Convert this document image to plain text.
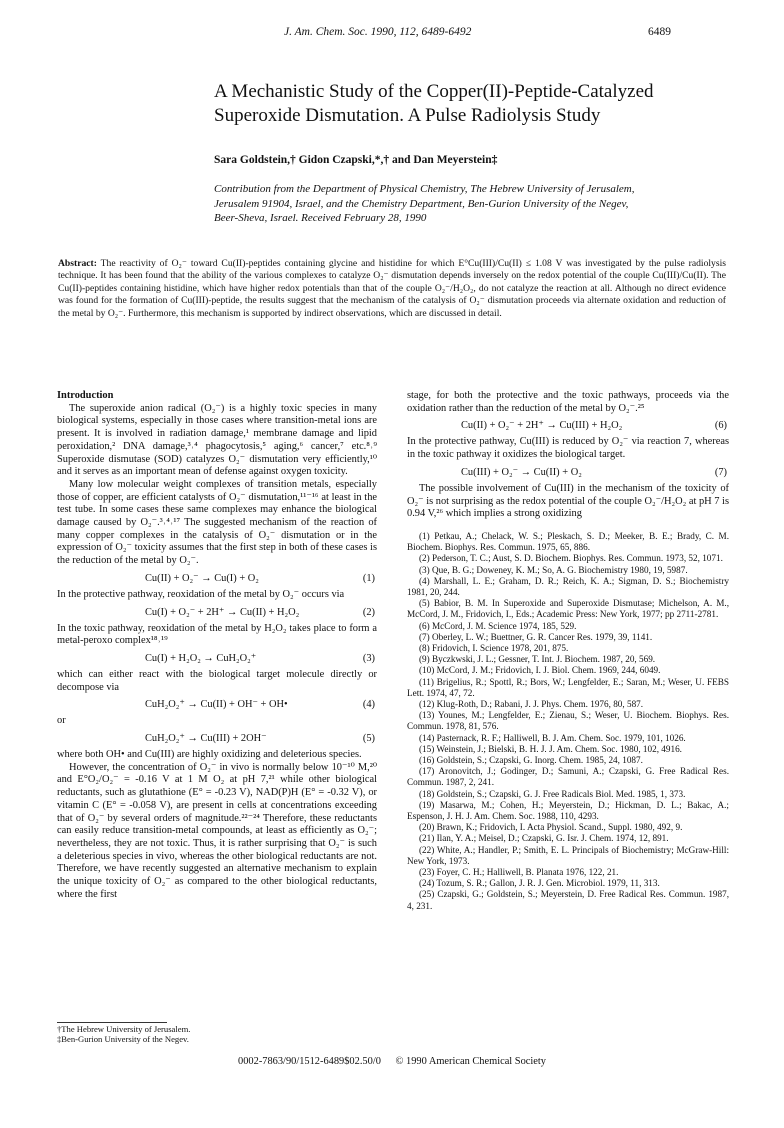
J. Am. Chem. Soc. 1990, 112, 6489-6492	6489
A Mechanistic Study of the Copper(II)-Peptide-Catalyzed
Superoxide Dismutation. A Pulse Radiolysis Study
Sara Goldstein,† Gidon Czapski,*,† and Dan Meyerstein‡
Contribution from the Department of Physical Chemistry, The Hebrew University of Jerusalem,
Jerusalem 91904, Israel, and the Chemistry Department, Ben-Gurion University of the Negev,
Beer-Sheva, Israel. Received February 28, 1990
Abstract: The reactivity of O₂⁻ toward Cu(II)-peptides containing glycine and histidine for which E°Cu(III)/Cu(II) ≤ 1.08 V was investigated by the pulse radiolysis technique. It has been found that the ability of the various complexes to catalyze O₂⁻ dismutation depends inversely on the redox potential of the couple Cu(III)/Cu(II). The Cu(II)-peptides containing histidine, which have higher redox potentials than that of the couple O₂⁻/H₂O₂, do not catalyze the reaction at all. Although no direct evidence was found for the formation of Cu(III)-peptide, the results suggest that the mechanism of the catalysis of O₂⁻ dismutation proceeds via alternate oxidation and reduction of the metal by O₂⁻. Furthermore, this mechanism is supported by indirect observations, which are discussed in detail.
Introduction

The superoxide anion radical (O₂⁻) is a highly toxic species in many biological systems, especially in those cases where transition-metal ions are present. It is involved in radiation damage,¹ membrane damage and lipid peroxidation,² DNA damage,³˒⁴ phagocytosis,⁵ aging,⁶ cancer,⁷ etc.⁸˒⁹ Superoxide dismutase (SOD) catalyzes O₂⁻ dismutation very efficiently,¹⁰ and it serves as an important mean of defense against oxygen toxicity.

Many low molecular weight complexes of transition metals, especially those of copper, are efficient catalysts of O₂⁻ dismutation,¹¹⁻¹⁶ at least in the test tube. In some cases these same complexes may enhance the biological damage caused by O₂⁻.³˒⁴˒¹⁷ The suggested mechanism of the reaction of many copper complexes in the catalysis of O₂⁻ dismutation or in the expression of O₂⁻ toxicity assumes that the first step in both of these cases is the reduction of the metal by O₂⁻.

Cu(II) + O₂⁻ → Cu(I) + O₂	(1)

In the protective pathway, reoxidation of the metal by O₂⁻ occurs via

Cu(I) + O₂⁻ + 2H⁺ → Cu(II) + H₂O₂	(2)

In the toxic pathway, reoxidation of the metal by H₂O₂ takes place to form a metal-peroxo complex¹⁸˒¹⁹

Cu(I) + H₂O₂ → CuH₂O₂⁺	(3)

which can either react with the biological target molecule directly or decompose via

CuH₂O₂⁺ → Cu(II) + OH⁻ + OH•	(4)

or

CuH₂O₂⁺ → Cu(III) + 2OH⁻	(5)

where both OH• and Cu(III) are highly oxidizing and deleterious species.

However, the concentration of O₂⁻ in vivo is normally below 10⁻¹⁰ M,²⁰ and E°O₂/O₂⁻ = -0.16 V at 1 M O₂ at pH 7,²¹ while other biological reductants, such as glutathione (E° = -0.23 V), NAD(P)H (E° = -0.32 V), or vitamin C (E° = -0.058 V), are present in cells at concentrations exceeding that of O₂⁻ by several orders of magnitude.²²⁻²⁴ Therefore, these reductants can easily reduce transition-metal compounds, at least as efficiently as O₂⁻; nevertheless, they are not toxic. Thus, it is rather surprising that O₂⁻ is such a deleterious species in vivo, whereas the other biological reductants are not. Therefore, we have recently suggested an alternative mechanism to explain the unique toxicity of O₂⁻ as compared to the other biological reductants, where the first

stage, for both the protective and the toxic pathways, proceeds via the oxidation rather than the reduction of the metal by O₂⁻.²⁵

Cu(II) + O₂⁻ + 2H⁺ → Cu(III) + H₂O₂	(6)

In the protective pathway, Cu(III) is reduced by O₂⁻ via reaction 7, whereas in the toxic pathway it oxidizes the biological target.

Cu(III) + O₂⁻ → Cu(II) + O₂	(7)

The possible involvement of Cu(III) in the mechanism of the toxicity of O₂⁻ is not surprising as the redox potential of the couple O₂⁻/H₂O₂ at pH 7 is 0.94 V,²⁶ which implies a strong oxidizing

(1) Petkau, A.; Chelack, W. S.; Pleskach, S. D.; Meeker, B. E.; Brady, C. M. Biochem. Biophys. Res. Commun. 1975, 65, 886.
(2) Pederson, T. C.; Aust, S. D. Biochem. Biophys. Res. Commun. 1973, 52, 1071.
(3) Que, B. G.; Doweney, K. M.; So, A. G. Biochemistry 1980, 19, 5987.
(4) Marshall, L. E.; Graham, D. R.; Reich, K. A.; Sigman, D. S.; Biochemistry 1981, 20, 244.
(5) Babior, B. M. In Superoxide and Superoxide Dismutase; Michelson, A. M., McCord, J. M., Fridovich, I., Eds.; Academic Press: New York, 1977; pp 2711-2781.
(6) McCord, J. M. Science 1974, 185, 529.
(7) Oberley, L. W.; Buettner, G. R. Cancer Res. 1979, 39, 1141.
(8) Fridovich, I. Science 1978, 201, 875.
(9) Byczkwski, J. L.; Gessner, T. Int. J. Biochem. 1987, 20, 569.
(10) McCord, J. M.; Fridovich, I. J. Biol. Chem. 1969, 244, 6049.
(11) Brigelius, R.; Spottl, R.; Bors, W.; Lengfelder, E.; Saran, M.; Weser, U. FEBS Lett. 1974, 47, 72.
(12) Klug-Roth, D.; Rabani, J. J. Phys. Chem. 1976, 80, 587.
(13) Younes, M.; Lengfelder, E.; Zienau, S.; Weser, U. Biochem. Biophys. Res. Commun. 1978, 81, 576.
(14) Pasternack, R. F.; Halliwell, B. J. Am. Chem. Soc. 1979, 101, 1026.
(15) Weinstein, J.; Bielski, B. H. J. J. Am. Chem. Soc. 1980, 102, 4916.
(16) Goldstein, S.; Czapski, G. Inorg. Chem. 1985, 24, 1087.
(17) Aronovitch, J.; Godinger, D.; Samuni, A.; Czapski, G. Free Radical Res. Commun. 1987, 2, 241.
(18) Goldstein, S.; Czapski, G. J. Free Radicals Biol. Med. 1985, 1, 373.
(19) Masarwa, M.; Cohen, H.; Meyerstein, D.; Hickman, D. L.; Bakac, A.; Espenson, J. H. J. Am. Chem. Soc. 1988, 110, 4293.
(20) Brawn, K.; Fridovich, I. Acta Physiol. Scand., Suppl. 1980, 492, 9.
(21) Ilan, Y. A.; Meisel, D.; Czapski, G. Isr. J. Chem. 1974, 12, 891.
(22) White, A.; Handler, P.; Smith, E. L. Principals of Biochemistry; McGraw-Hill: New York, 1973.
(23) Foyer, C. H.; Halliwell, B. Planata 1976, 122, 21.
(24) Tozum, S. R.; Gallon, J. R. J. Gen. Microbiol. 1979, 11, 313.
(25) Czapski, G.; Goldstein, S.; Meyerstein, D. Free Radical Res. Commun. 1987, 4, 231.
†The Hebrew University of Jerusalem.
‡Ben-Gurion University of the Negev.
0002-7863/90/1512-6489$02.50/0 © 1990 American Chemical Society
